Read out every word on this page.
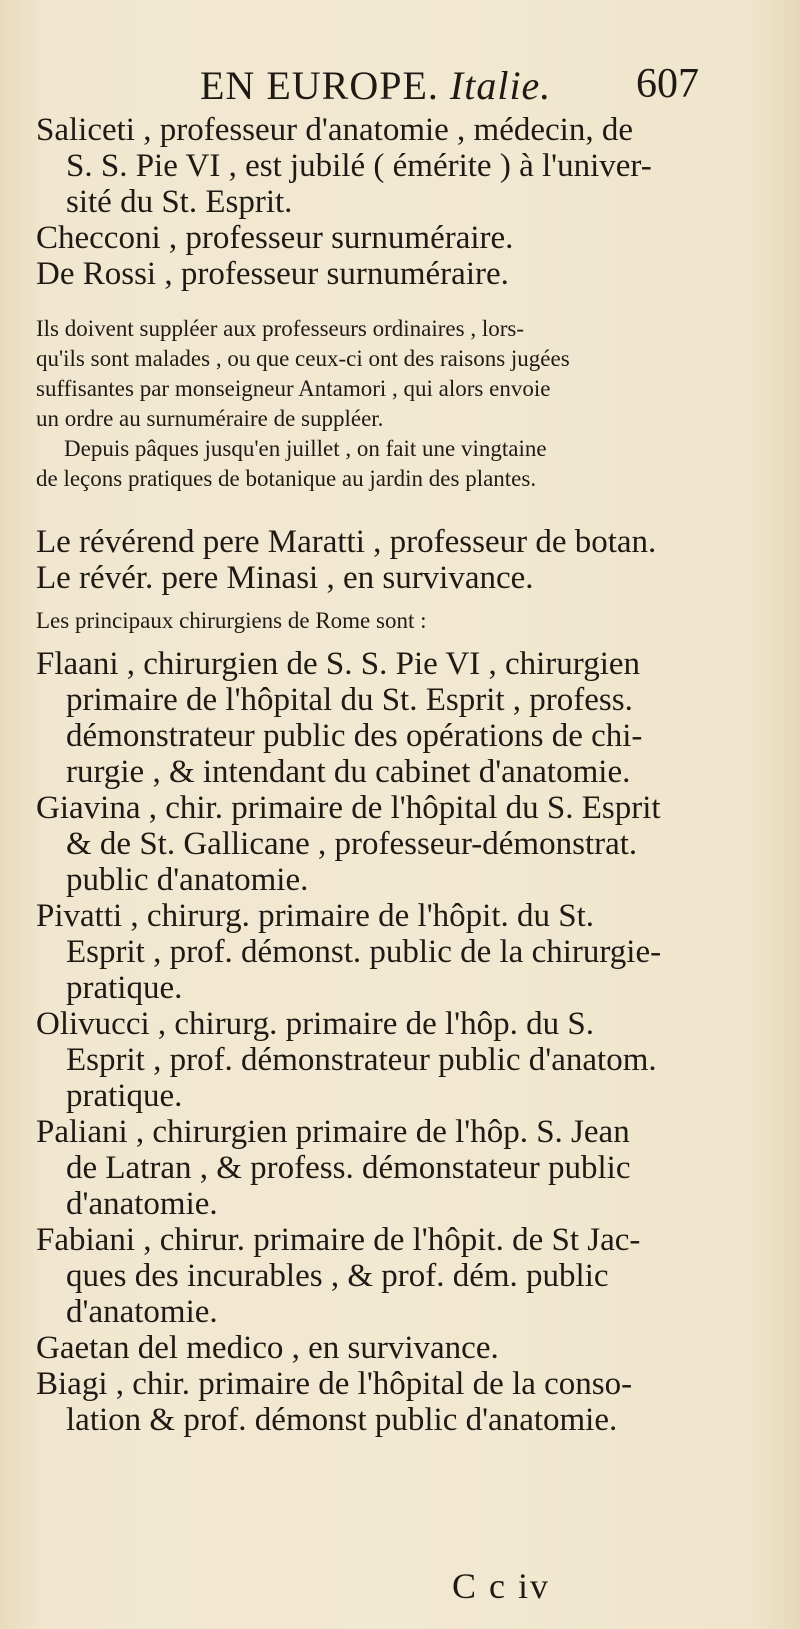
EN EUROPE. Italie. 607

Saliceti , professeur d'anatomie , médecin, de
S. S. Pie VI , est jubilé ( émérite ) à l'univer-
sité du St. Esprit.

Checconi , professeur surnuméraire.

De Rossi , professeur surnuméraire.

Ils doivent suppléer aux professeurs ordinaires , lors-
qu'ils sont malades , ou que ceux-ci ont des raisons jugées
suffisantes par monseigneur Antamori , qui alors envoie
un ordre au surnuméraire de suppléer.
Depuis pâques jusqu'en juillet , on fait une vingtaine
de leçons pratiques de botanique au jardin des plantes.

Le révérend pere Maratti , professeur de botan.

Le révér. pere Minasi , en survivance.

Les principaux chirurgiens de Rome sont :

Flaani , chirurgien de S. S. Pie VI , chirurgien
primaire de l'hôpital du St. Esprit , profess.
démonstrateur public des opérations de chi-
rurgie , & intendant du cabinet d'anatomie.

Giavina , chir. primaire de l'hôpital du S. Esprit
& de St. Gallicane , professeur-démonstrat.
public d'anatomie.

Pivatti , chirurg. primaire de l'hôpit. du St.
Esprit , prof. démonst. public de la chirurgie-
pratique.

Olivucci , chirurg. primaire de l'hôp. du S.
Esprit , prof. démonstrateur public d'anatom.
pratique.

Paliani , chirurgien primaire de l'hôp. S. Jean
de Latran , & profess. démonstateur public
d'anatomie.

Fabiani , chirur. primaire de l'hôpit. de St Jac-
ques des incurables , & prof. dém. public
d'anatomie.

Gaetan del medico , en survivance.

Biagi , chir. primaire de l'hôpital de la conso-
lation & prof. démonst public d'anatomie.

C c iv
